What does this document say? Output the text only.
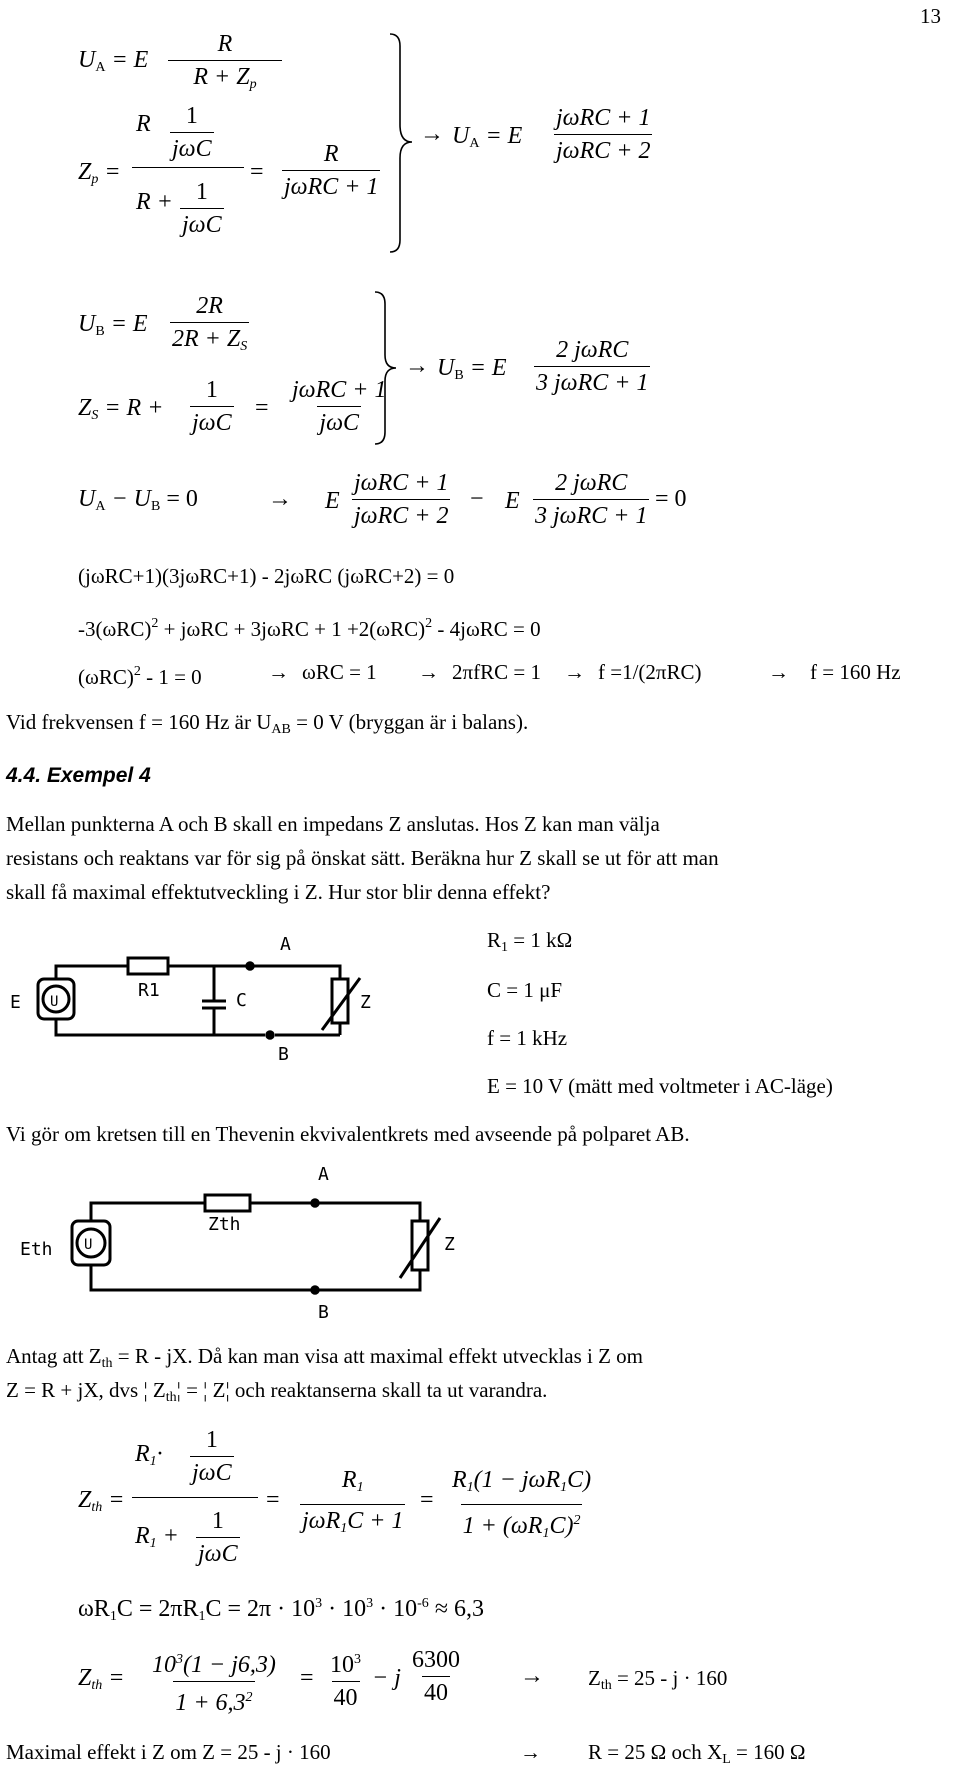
13
$U_A = E$
R
$R + Z_p$
$Z_p$ =
R 1
jωC
R + 1
jωC
=
R
jωRC + 1
→ $U_A = E$
jωRC + 1
jωRC + 2
$U_B = E$
2R
$2R + Z_S$
$Z_S = R$ +
1
jωC
=
jωRC + 1
jωC
→ $U_B = E$
2 jωRC
3 jωRC + 1
$U_A - U_B = 0$	→ E
jωRC + 1
jωRC + 2
− E
2 jωRC
3 jωRC + 1
= 0
(jωRC+1)(3jωRC+1) - 2jωRC (jωRC+2) = 0
$-3(\omega RC)^2 + j\omega RC + 3j\omega RC + 1 +2(\omega RC)^2 - 4j\omega RC = 0$
$(\omega RC)^2 - 1 = 0$	→ ωRC = 1 → 2πfRC = 1 → f =1/(2πRC)	→ f = 160 Hz
Vid frekvensen f = 160 Hz är $U_{AB} = 0$ V (bryggan är i balans).
4.4. Exempel 4
Mellan punkterna A och B skall en impedans Z anslutas. Hos Z kan man välja
resistans och reaktans var för sig på önskat sätt. Beräkna hur Z skall se ut för att man
skall få maximal effektutveckling i Z. Hur stor blir denna effekt?
$R_1 = 1$ kΩ
C = 1 μF
f = 1 kHz
E = 10 V (mätt med voltmeter i AC-läge)
Vi gör om kretsen till en Thevenin ekvivalentkrets med avseende på polparet AB.
E U
R1	C
A
B
Z
Eth U
Zth
A
B
Z
Antag att $Z_{th} = R$ - jX. Då kan man visa att maximal effekt utvecklas i Z om
Z = R + jX, dvs ¦ $Z_{th}¦$ = ¦ Z¦ och reaktanserna skall ta ut varandra.
$Z_{th}$ =
$R_1\cdot$
1
jωC
$R_1$ +
1
jωC
=
$R_1$
jωR$_1$C + 1
=
$R_1(1 - j\omega R_1C)$
$1 + (\omega R_1C)^2$
$\omega R_1C = 2\pi R_1C = 2\pi \cdot 10^3 \cdot 10^3 \cdot 10^{-6} \approx 6,3$
$Z_{th} = 10^3(1 - j6,3)$
$1 + 6,3^2$
= $10^3$
40
− j
6300
40
→ $Z_{th} = 25 - j \cdot 160$
Maximal effekt i Z om Z = 25 - j · 160	→ R = 25 Ω och $X_L = 160$ Ω
